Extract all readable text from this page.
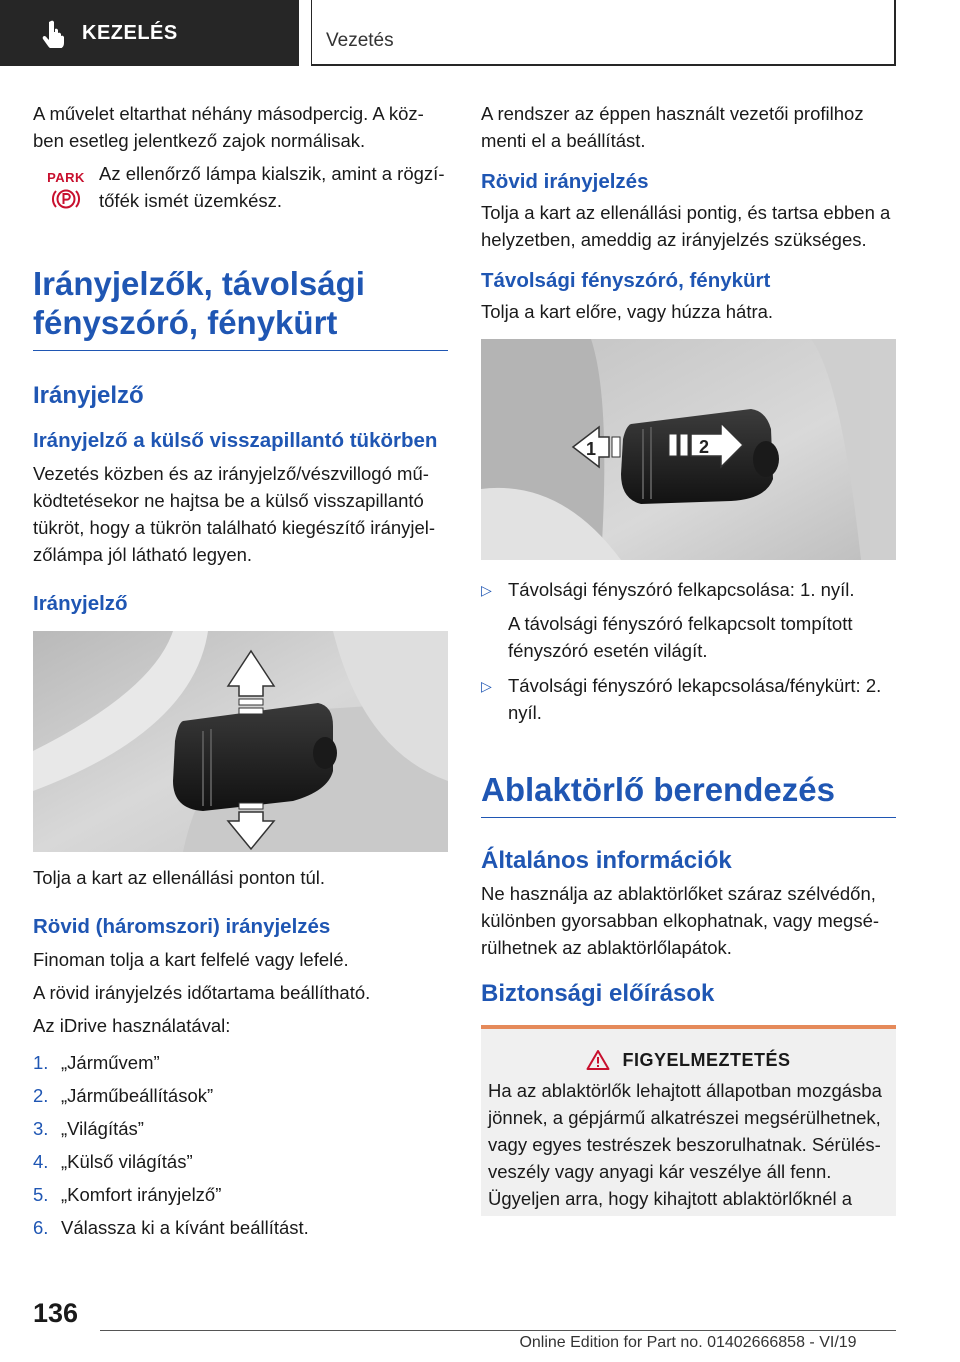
KEZELÉS	Vezetés

A művelet eltarthat néhány másodpercig. A közben esetleg jelentkező zajok normálisak.

PARK Az ellenőrző lámpa kialszik, amint a rögzítőfék ismét üzemkész.

Irányjelzők, távolsági fényszóró, fénykürt
Irányjelző
Irányjelző a külső visszapillantó tükörben

Vezetés közben és az irányjelző/vészvillogó működtetésekor ne hajtsa be a külső visszapillantó tükröt, hogy a tükrön található kiegészítő irányjelzőlámpa jól látható legyen.

Irányjelző

Tolja a kart az ellenállási ponton túl.

Rövid (háromszori) irányjelzés

Finoman tolja a kart felfelé vagy lefelé.

A rövid irányjelzés időtartama beállítható.

Az iDrive használatával:

1. „Járművem”
2. „Járműbeállítások”
3. „Világítás”
4. „Külső világítás”
5. „Komfort irányjelző”
6. Válassza ki a kívánt beállítást.

A rendszer az éppen használt vezetői profilhoz menti el a beállítást.

Rövid irányjelzés

Tolja a kart az ellenállási pontig, és tartsa ebben a helyzetben, ameddig az irányjelzés szükséges.

Távolsági fényszóró, fénykürt

Tolja a kart előre, vagy húzza hátra.

1	2
▷ Távolsági fényszóró felkapcsolása: 1. nyíl.
A távolsági fényszóró felkapcsolt tompított fényszóró esetén világít.
▷ Távolsági fényszóró lekapcsolása/fénykürt: 2. nyíl.
Ablaktörlő berendezés
Általános információk

Ne használja az ablaktörlőket száraz szélvédőn, különben gyorsabban elkophatnak, vagy megsérülhetnek az ablaktörlőlapátok.

Biztonsági előírások
FIGYELMEZTETÉS

Ha az ablaktörlők lehajtott állapotban mozgásba jönnek, a gépjármű alkatrészei megsérülhetnek, vagy egyes testrészek beszorulhatnak. Sérülésveszély vagy anyagi kár veszélye áll fenn. Ügyeljen arra, hogy kihajtott ablaktörlőknél a

136
Online Edition for Part no. 01402666858 - VI/19
